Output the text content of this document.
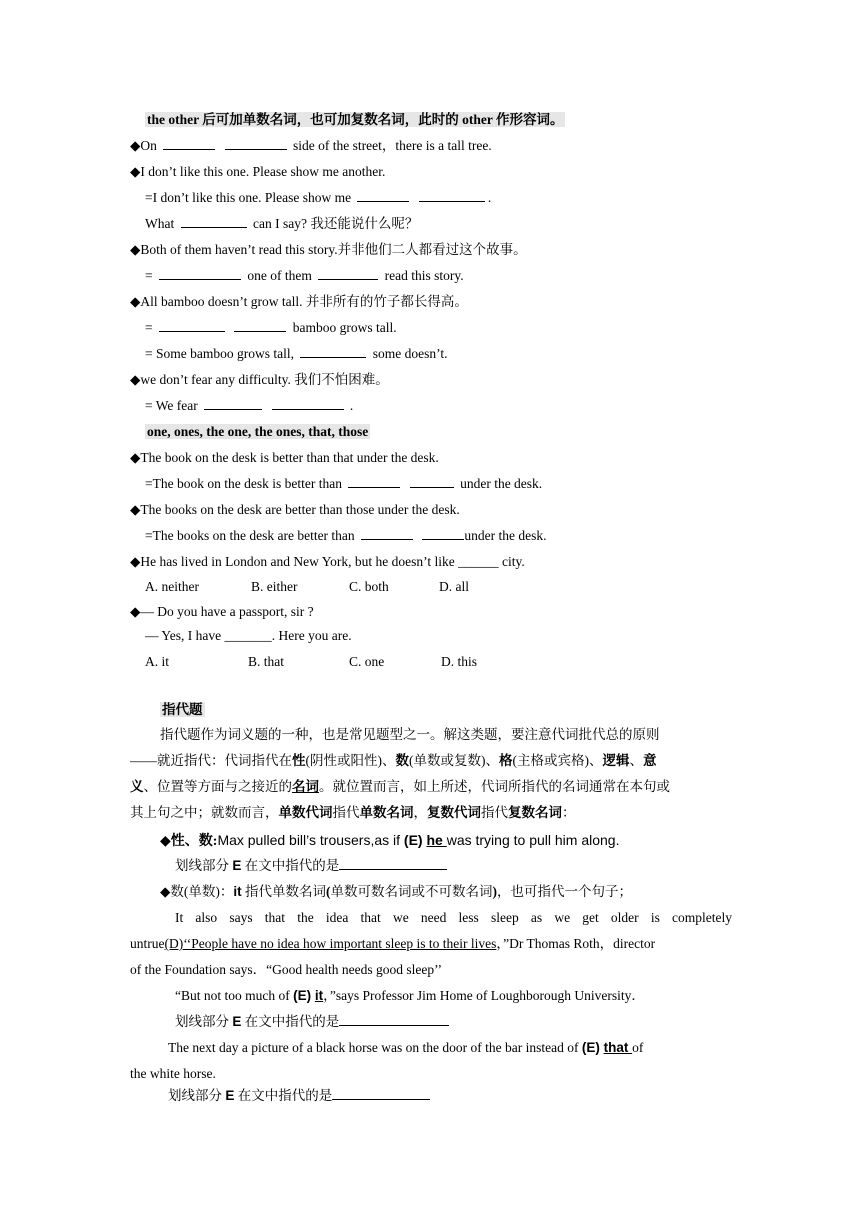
the other 后可加单数名词，也可加复数名词，此时的 other 作形容词。
◆On	side of the street，there is a tall tree.
◆I don’t like this one. Please show me another.
=I don’t like this one. Please show me	.
What	can I say? 我还能说什么呢？
◆Both of them haven’t read this story.并非他们二人都看过这个故事。
=	one of them	read this story.
◆All bamboo doesn’t grow tall. 并非所有的竹子都长得高。
=	bamboo grows tall.
= Some bamboo grows tall,	some doesn’t.
◆we don’t fear any difficulty. 我们不怕困难。
= We fear	.
one, ones, the one, the ones, that, those
◆The book on the desk is better than that under the desk.
=The book on the desk is better than	under the desk.
◆The books on the desk are better than those under the desk.
=The books on the desk are better than	under the desk.
◆He has lived in London and New York, but he doesn’t like ______ city.
A. neither	B. either	C. both	D. all
◆— Do you have a passport, sir ?
— Yes, I have _______. Here you are.
A. it	B. that	C. one	D. this
指代题
指代题作为词义题的一种，也是常见题型之一。解这类题，要注意代词批代总的原则
——就近指代：代词指代在性(阴性或阳性)、数(单数或复数)、格(主格或宾格)、逻辑、意
义、位置等方面与之接近的名词。就位置而言，如上所述，代词所指代的名词通常在本句或
其上句之中；就数而言，单数代词指代单数名词，复数代词指代复数名词：
◆性、数:Max pulled bill’s trousers,as if (E) he was trying to pull him along.
划线部分 E 在文中指代的是
◆数(单数)：it 指代单数名词(单数可数名词或不可数名词)，也可指代一个句子；
It also says that the idea that we need less sleep as we get older is completely
untrue(D)‘‘People have no idea how important sleep is to their lives，”Dr Thomas Roth，director
of the Foundation says．“Good health needs good sleep’’
“But not too much of (E) it，”says Professor Jim Home of Loughborough University．
划线部分 E 在文中指代的是
The next day a picture of a black horse was on the door of the bar instead of (E) that of
the white horse.
划线部分 E 在文中指代的是
